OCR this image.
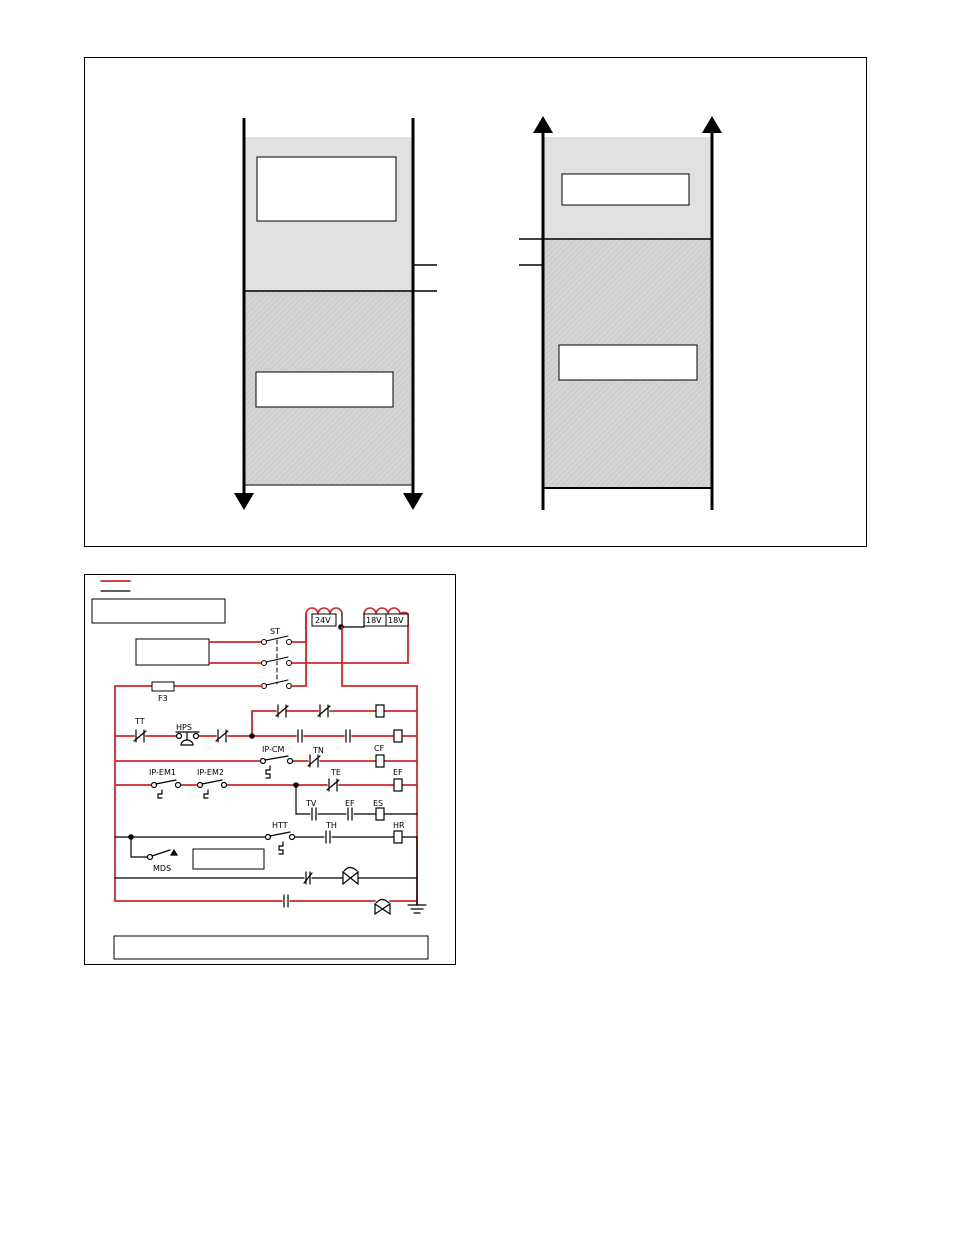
ST
F3
24V	18V 18V
TT
HPS
IP-CM	TN	CF
IP-EM1	IP-EM2	TE	EF
TV	EF ES
HTT	TH	HR
MDS
